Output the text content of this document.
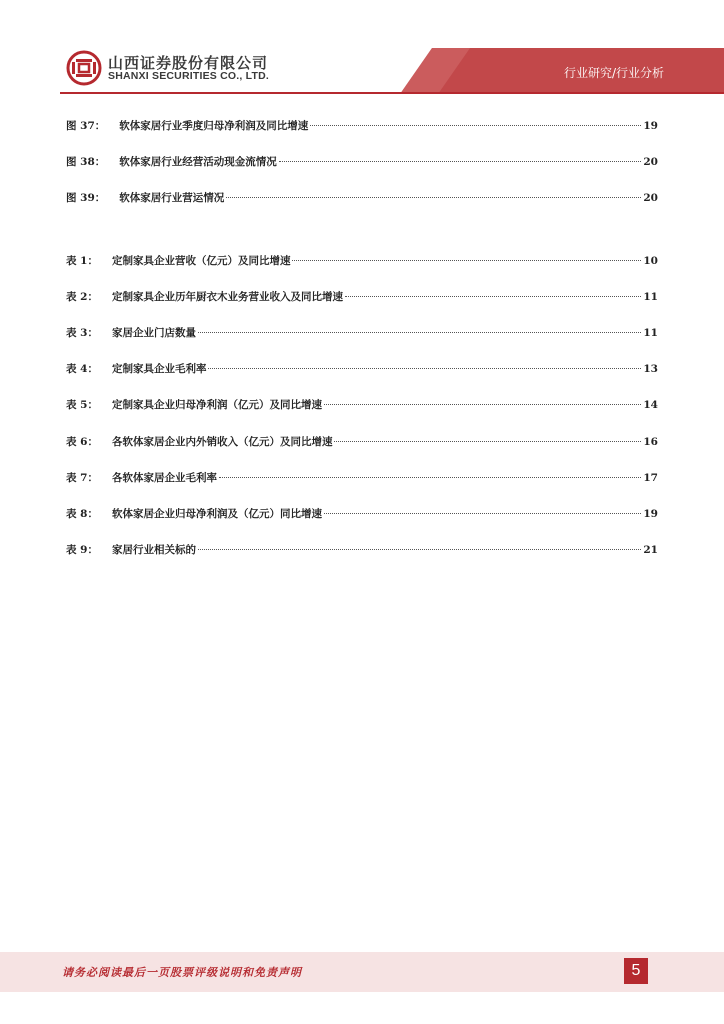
山西证券股份有限公司
SHANXI SECURITIES CO., LTD.	行业研究/行业分析
图 37： 软体家居行业季度归母净利润及同比增速	19
图 38： 软体家居行业经营活动现金流情况	20
图 39： 软体家居行业营运情况	20
表 1： 定制家具企业营收（亿元）及同比增速	10
表 2： 定制家具企业历年厨衣木业务营业收入及同比增速	11
表 3： 家居企业门店数量	11
表 4： 定制家具企业毛利率	13
表 5： 定制家具企业归母净利润（亿元）及同比增速	14
表 6： 各软体家居企业内外销收入（亿元）及同比增速	16
表 7： 各软体家居企业毛利率	17
表 8： 软体家居企业归母净利润及（亿元）同比增速	19
表 9： 家居行业相关标的	21
请务必阅读最后一页股票评级说明和免责声明	5
